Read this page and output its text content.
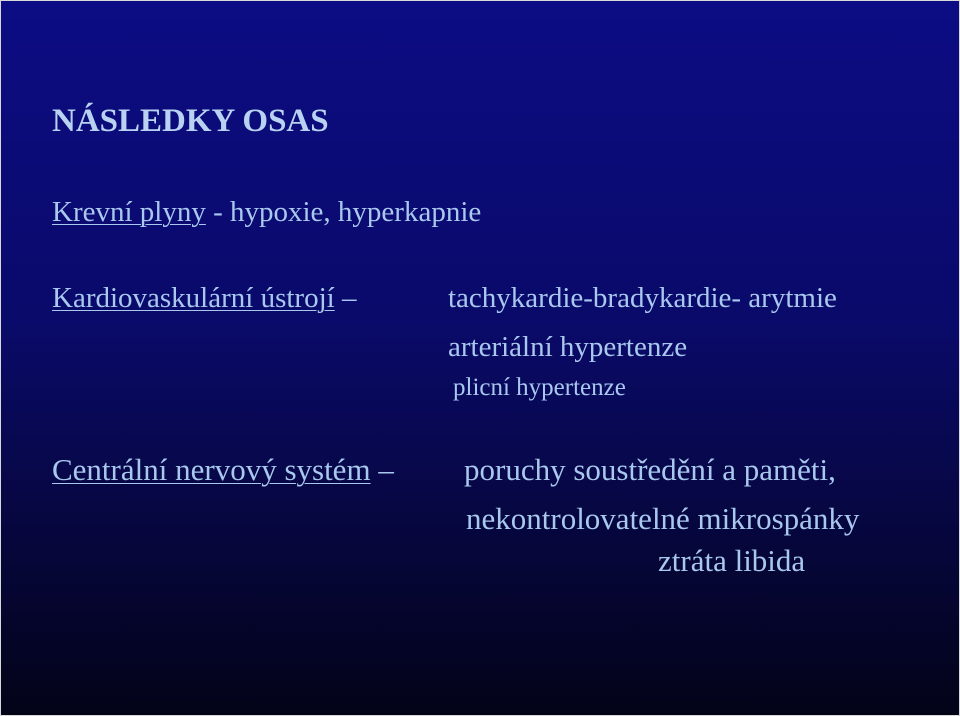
NÁSLEDKY OSAS
Krevní plyny - hypoxie, hyperkapnie
Kardiovaskulární ústrojí –	tachykardie-bradykardie- arytmie
arteriální hypertenze
plicní hypertenze
Centrální nervový systém – poruchy soustředění a paměti,
nekontrolovatelné mikrospánky
ztráta libida
